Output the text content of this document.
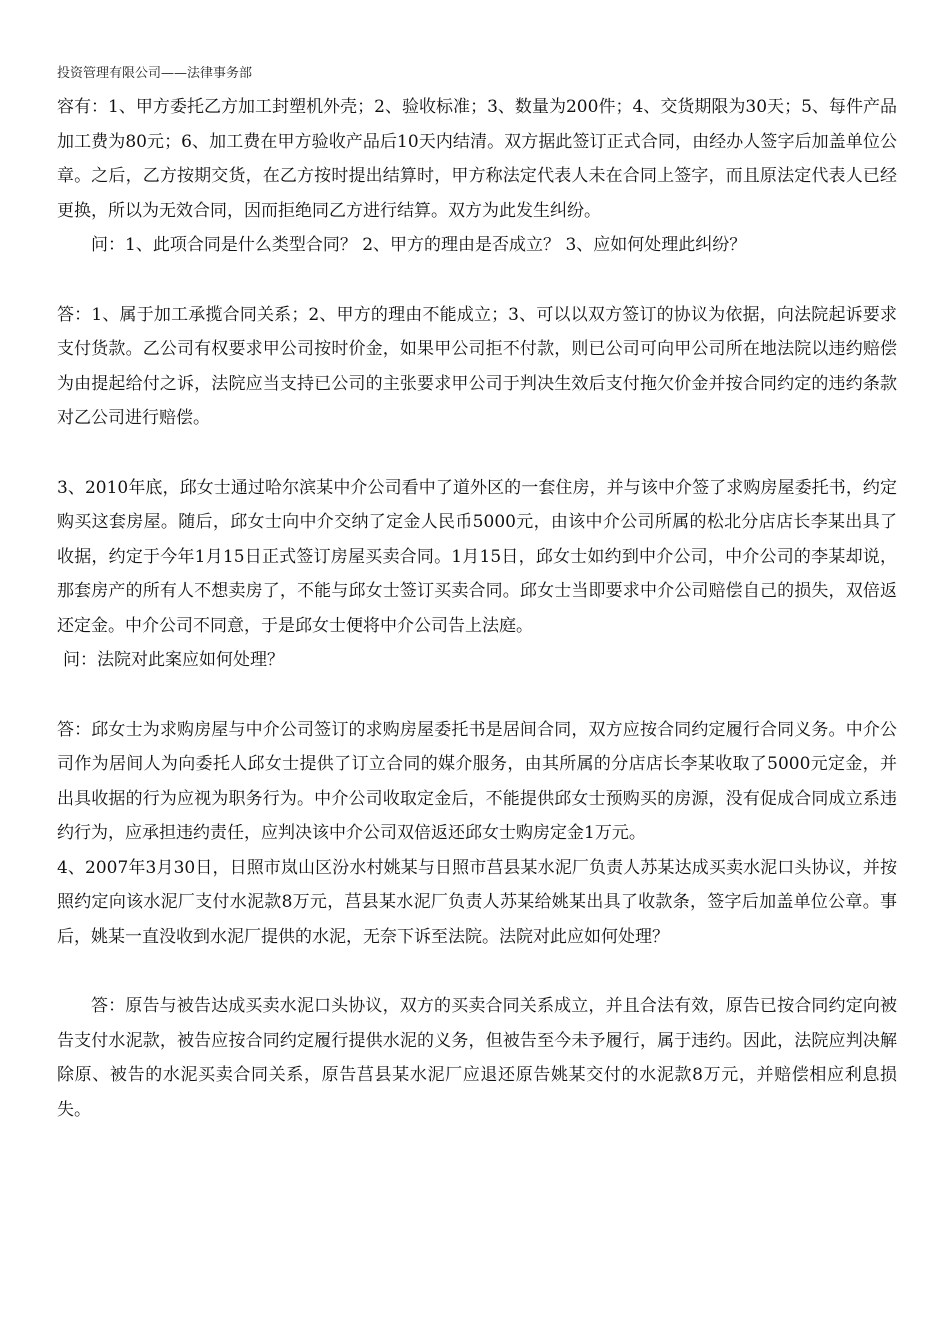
投资管理有限公司——法律事务部

容有：1、甲方委托乙方加工封塑机外壳；2、验收标准；3、数量为200件；4、交货期限为30天；5、每件产品加工费为80元；6、加工费在甲方验收产品后10天内结清。双方据此签订正式合同，由经办人签字后加盖单位公章。之后，乙方按期交货，在乙方按时提出结算时，甲方称法定代表人未在合同上签字，而且原法定代表人已经更换，所以为无效合同，因而拒绝同乙方进行结算。双方为此发生纠纷。

问：1、此项合同是什么类型合同？ 2、甲方的理由是否成立？ 3、应如何处理此纠纷？

答：1、属于加工承揽合同关系；2、甲方的理由不能成立；3、可以以双方签订的协议为依据，向法院起诉要求支付货款。乙公司有权要求甲公司按时价金，如果甲公司拒不付款，则已公司可向甲公司所在地法院以违约赔偿为由提起给付之诉，法院应当支持已公司的主张要求甲公司于判决生效后支付拖欠价金并按合同约定的违约条款对乙公司进行赔偿。

3、2010年底，邱女士通过哈尔滨某中介公司看中了道外区的一套住房，并与该中介签了求购房屋委托书，约定购买这套房屋。随后，邱女士向中介交纳了定金人民币5000元，由该中介公司所属的松北分店店长李某出具了收据，约定于今年1月15日正式签订房屋买卖合同。1月15日，邱女士如约到中介公司，中介公司的李某却说，那套房产的所有人不想卖房了，不能与邱女士签订买卖合同。邱女士当即要求中介公司赔偿自己的损失，双倍返还定金。中介公司不同意，于是邱女士便将中介公司告上法庭。

问：法院对此案应如何处理？

答：邱女士为求购房屋与中介公司签订的求购房屋委托书是居间合同，双方应按合同约定履行合同义务。中介公司作为居间人为向委托人邱女士提供了订立合同的媒介服务，由其所属的分店店长李某收取了5000元定金，并出具收据的行为应视为职务行为。中介公司收取定金后，不能提供邱女士预购买的房源，没有促成合同成立系违约行为，应承担违约责任，应判决该中介公司双倍返还邱女士购房定金1万元。

4、2007年3月30日，日照市岚山区汾水村姚某与日照市莒县某水泥厂负责人苏某达成买卖水泥口头协议，并按照约定向该水泥厂支付水泥款8万元，莒县某水泥厂负责人苏某给姚某出具了收款条，签字后加盖单位公章。事后，姚某一直没收到水泥厂提供的水泥，无奈下诉至法院。法院对此应如何处理？

答：原告与被告达成买卖水泥口头协议，双方的买卖合同关系成立，并且合法有效，原告已按合同约定向被告支付水泥款，被告应按合同约定履行提供水泥的义务，但被告至今未予履行，属于违约。因此，法院应判决解除原、被告的水泥买卖合同关系，原告莒县某水泥厂应退还原告姚某交付的水泥款8万元，并赔偿相应利息损失。
